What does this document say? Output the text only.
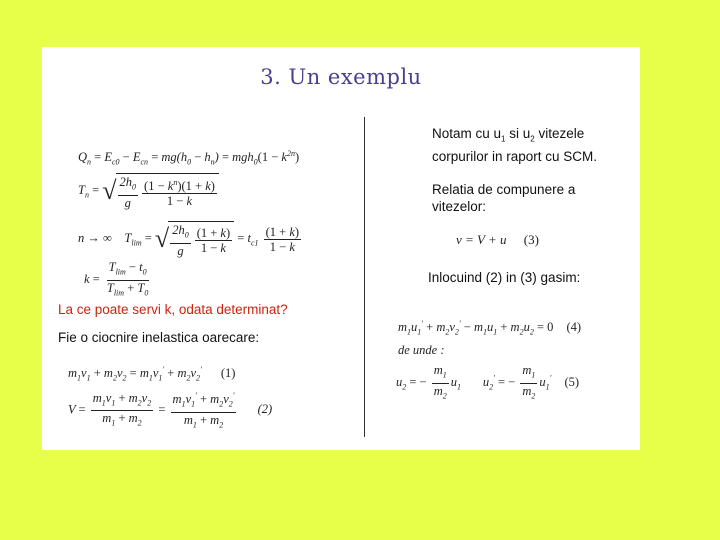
3. Un exemplu
$Q_n = E_{c0} - E_{cn} = mg(h_0 - h_n) = mgh_0(1 - k^{2n})$
$T_n$ = √ $\frac{2h_0}{g} \frac{(1 - k^n)(1 + k)}{1 - k}$
n → ∞    $T_{lim}$ = √ $\frac{2h_0}{g} \frac{(1 + k)}{1 - k} = t_{c1} \frac{(1 + k)}{1 - k}$
$k = \frac{T_{lim} - t_0}{T_{lim} + T_0}$
La ce poate servi k, odata determinat?
Fie o ciocnire inelastica oarecare:
$m_1v_1 + m_2v_2 = m_1v_1' + m_2v_2'$ (1)
$V = \frac{m_1v_1 + m_2v_2}{m_1 + m_2} = \frac{m_1v_1' + m_2v_2'}{m_1 + m_2} (2)$
Notam cu $u_1$ si $u_2$ vitezele
corpurilor in raport cu SCM.
Relatia de compunere a
vitezelor:
v = V + u (3)
Inlocuind (2) in (3) gasim:
$m_1u_1' + m_2v_2' - m_1u_1 + m_2u_2 = 0$ (4)
de unde :
$u_2$ = − $\frac{m_1}{m_2} u_1$       $u_2'$ = − $\frac{m_1}{m_2} u_1'$ (5)
